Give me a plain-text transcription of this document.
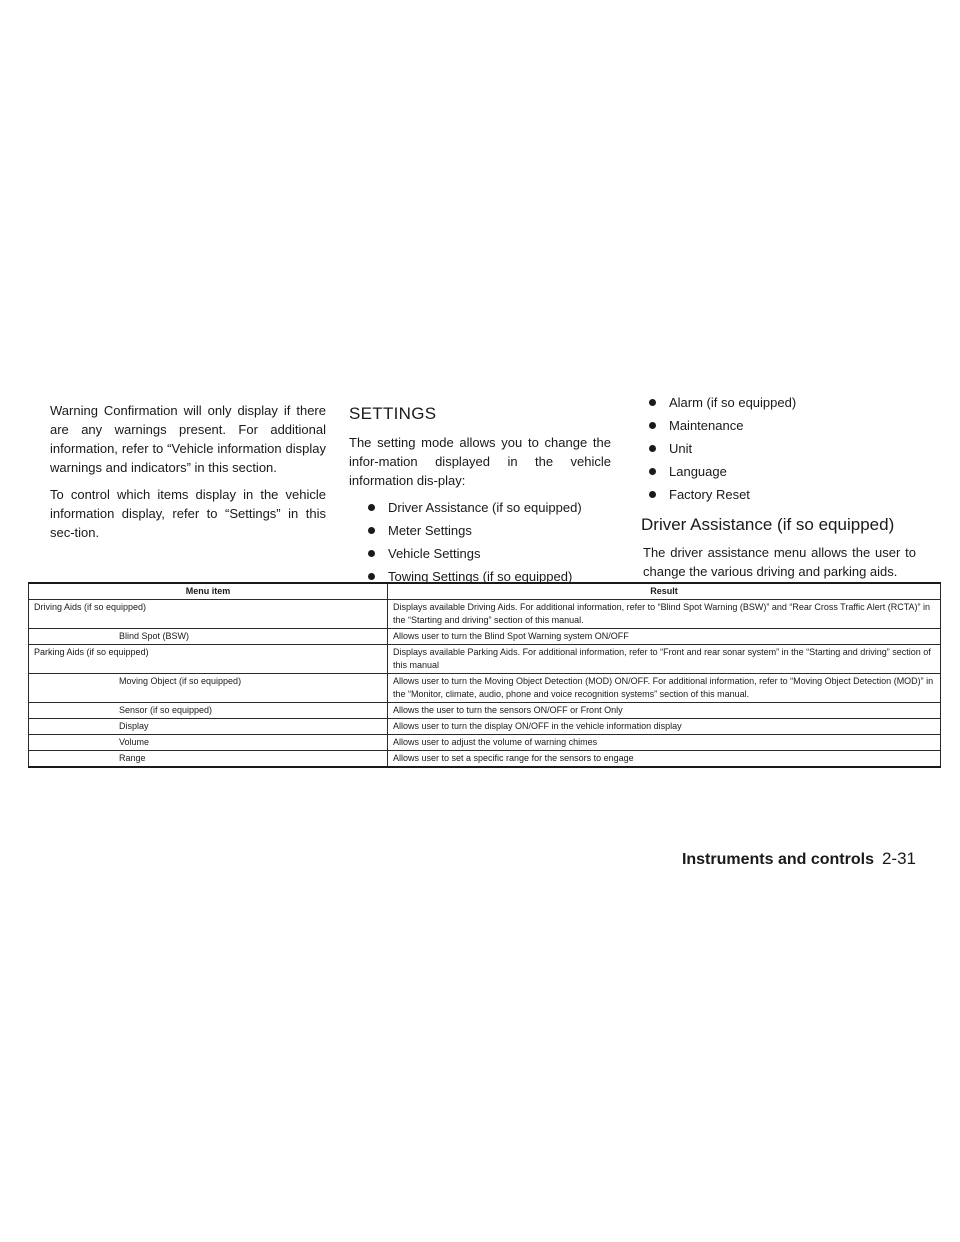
Warning Confirmation will only display if there are any warnings present. For additional information, refer to “Vehicle information display warnings and indicators” in this section.

To control which items display in the vehicle information display, refer to “Settings” in this sec-tion.

SETTINGS

The setting mode allows you to change the infor-mation displayed in the vehicle information dis-play:

Driver Assistance (if so equipped)
Meter Settings
Vehicle Settings
Towing Settings (if so equipped)
Alarm (if so equipped)
Maintenance
Unit
Language
Factory Reset
Driver Assistance (if so equipped)

The driver assistance menu allows the user to change the various driving and parking aids.

Menu item	Result
Driving Aids (if so equipped)	Displays available Driving Aids. For additional information, refer to “Blind Spot Warning (BSW)” and “Rear Cross Traffic Alert (RCTA)” in the “Starting and driving” section of this manual.
Blind Spot (BSW)	Allows user to turn the Blind Spot Warning system ON/OFF
Parking Aids (if so equipped)	Displays available Parking Aids. For additional information, refer to “Front and rear sonar system” in the “Starting and driving” section of this manual
Moving Object (if so equipped)	Allows user to turn the Moving Object Detection (MOD) ON/OFF. For additional information, refer to “Moving Object Detection (MOD)” in the “Monitor, climate, audio, phone and voice recognition systems” section of this manual.
Sensor (if so equipped)	Allows the user to turn the sensors ON/OFF or Front Only
Display	Allows user to turn the display ON/OFF in the vehicle information display
Volume	Allows user to adjust the volume of warning chimes
Range	Allows user to set a specific range for the sensors to engage
Instruments and controls 2-31
